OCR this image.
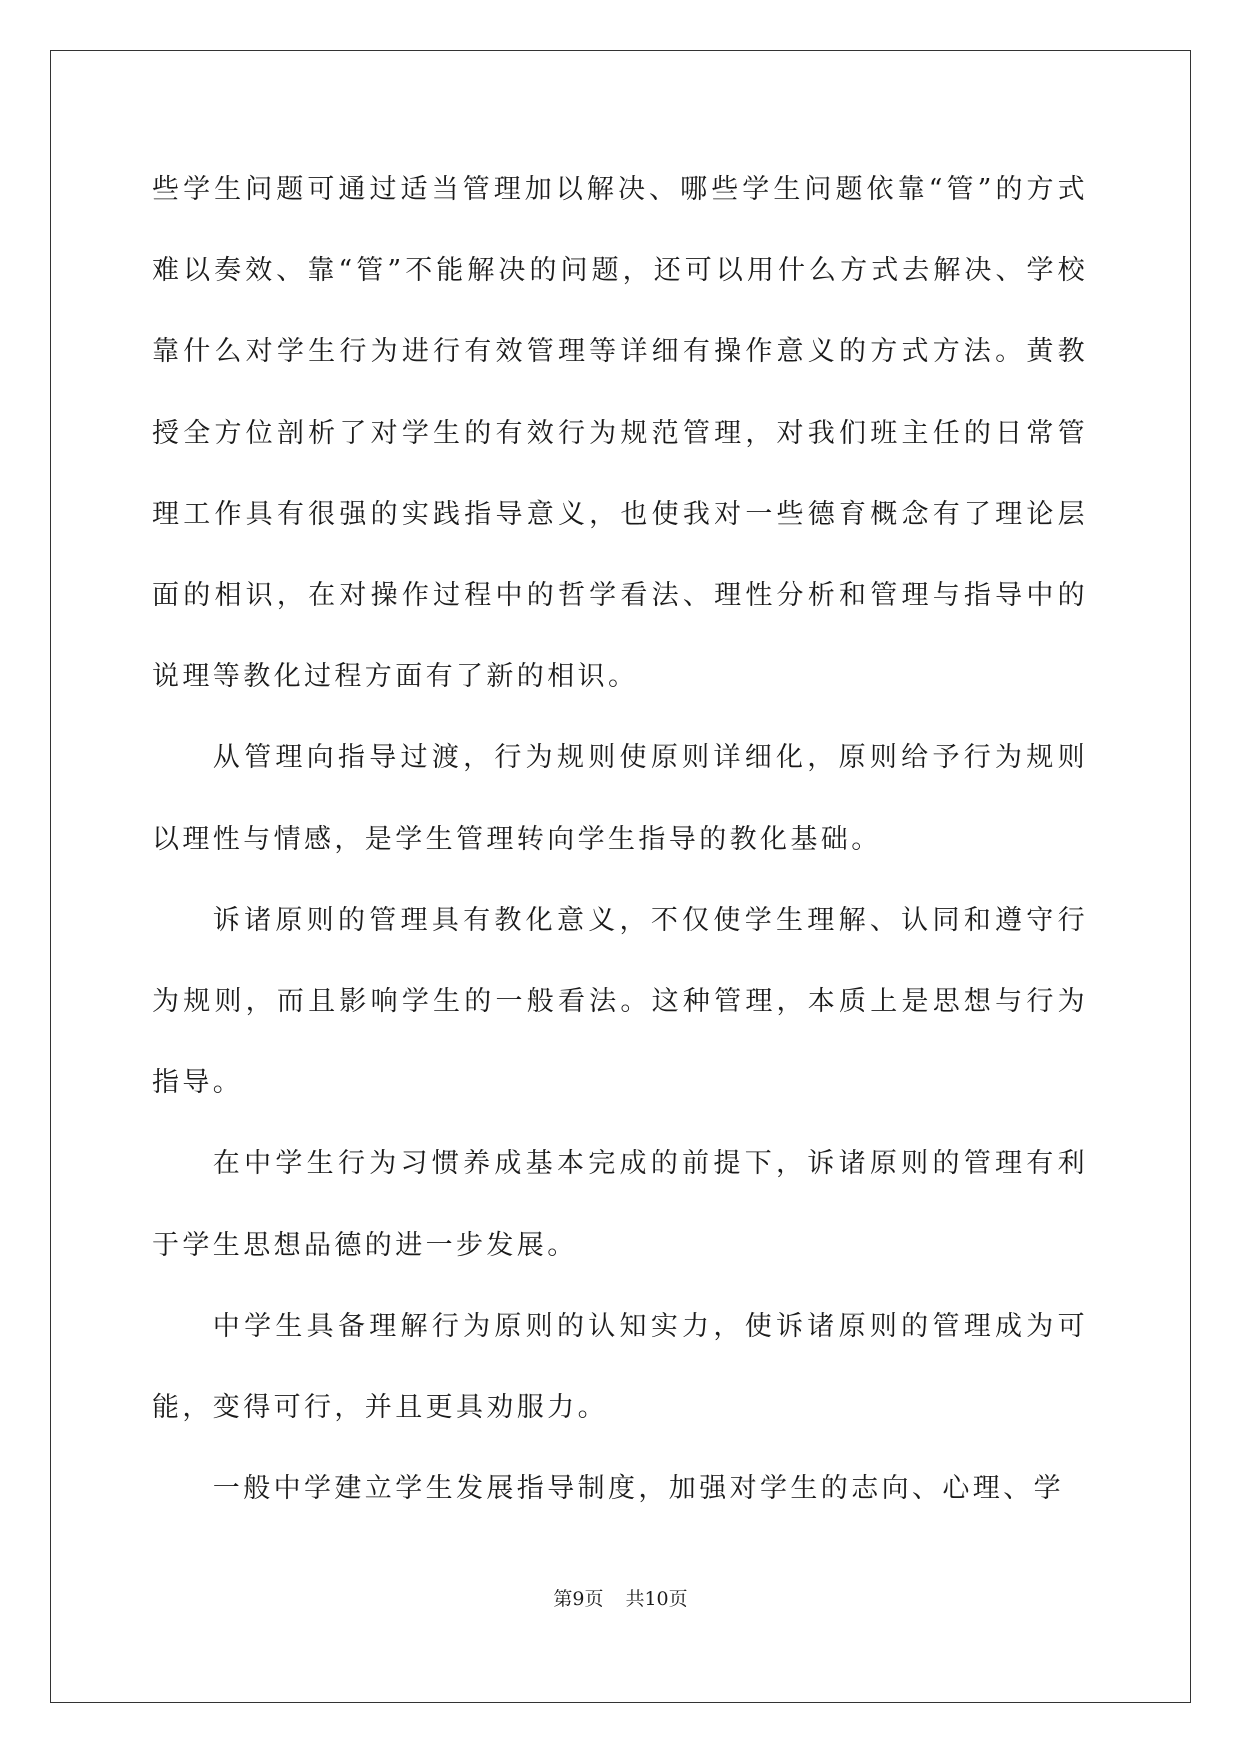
些学生问题可通过适当管理加以解决、哪些学生问题依靠“管”的方式难以奏效、靠“管”不能解决的问题，还可以用什么方式去解决、学校靠什么对学生行为进行有效管理等详细有操作意义的方式方法。黄教授全方位剖析了对学生的有效行为规范管理，对我们班主任的日常管理工作具有很强的实践指导意义，也使我对一些德育概念有了理论层面的相识，在对操作过程中的哲学看法、理性分析和管理与指导中的说理等教化过程方面有了新的相识。

从管理向指导过渡，行为规则使原则详细化，原则给予行为规则以理性与情感，是学生管理转向学生指导的教化基础。

诉诸原则的管理具有教化意义，不仅使学生理解、认同和遵守行为规则，而且影响学生的一般看法。这种管理，本质上是思想与行为指导。

在中学生行为习惯养成基本完成的前提下，诉诸原则的管理有利于学生思想品德的进一步发展。

中学生具备理解行为原则的认知实力，使诉诸原则的管理成为可能，变得可行，并且更具劝服力。

一般中学建立学生发展指导制度，加强对学生的志向、心理、学

第9页 共10页
